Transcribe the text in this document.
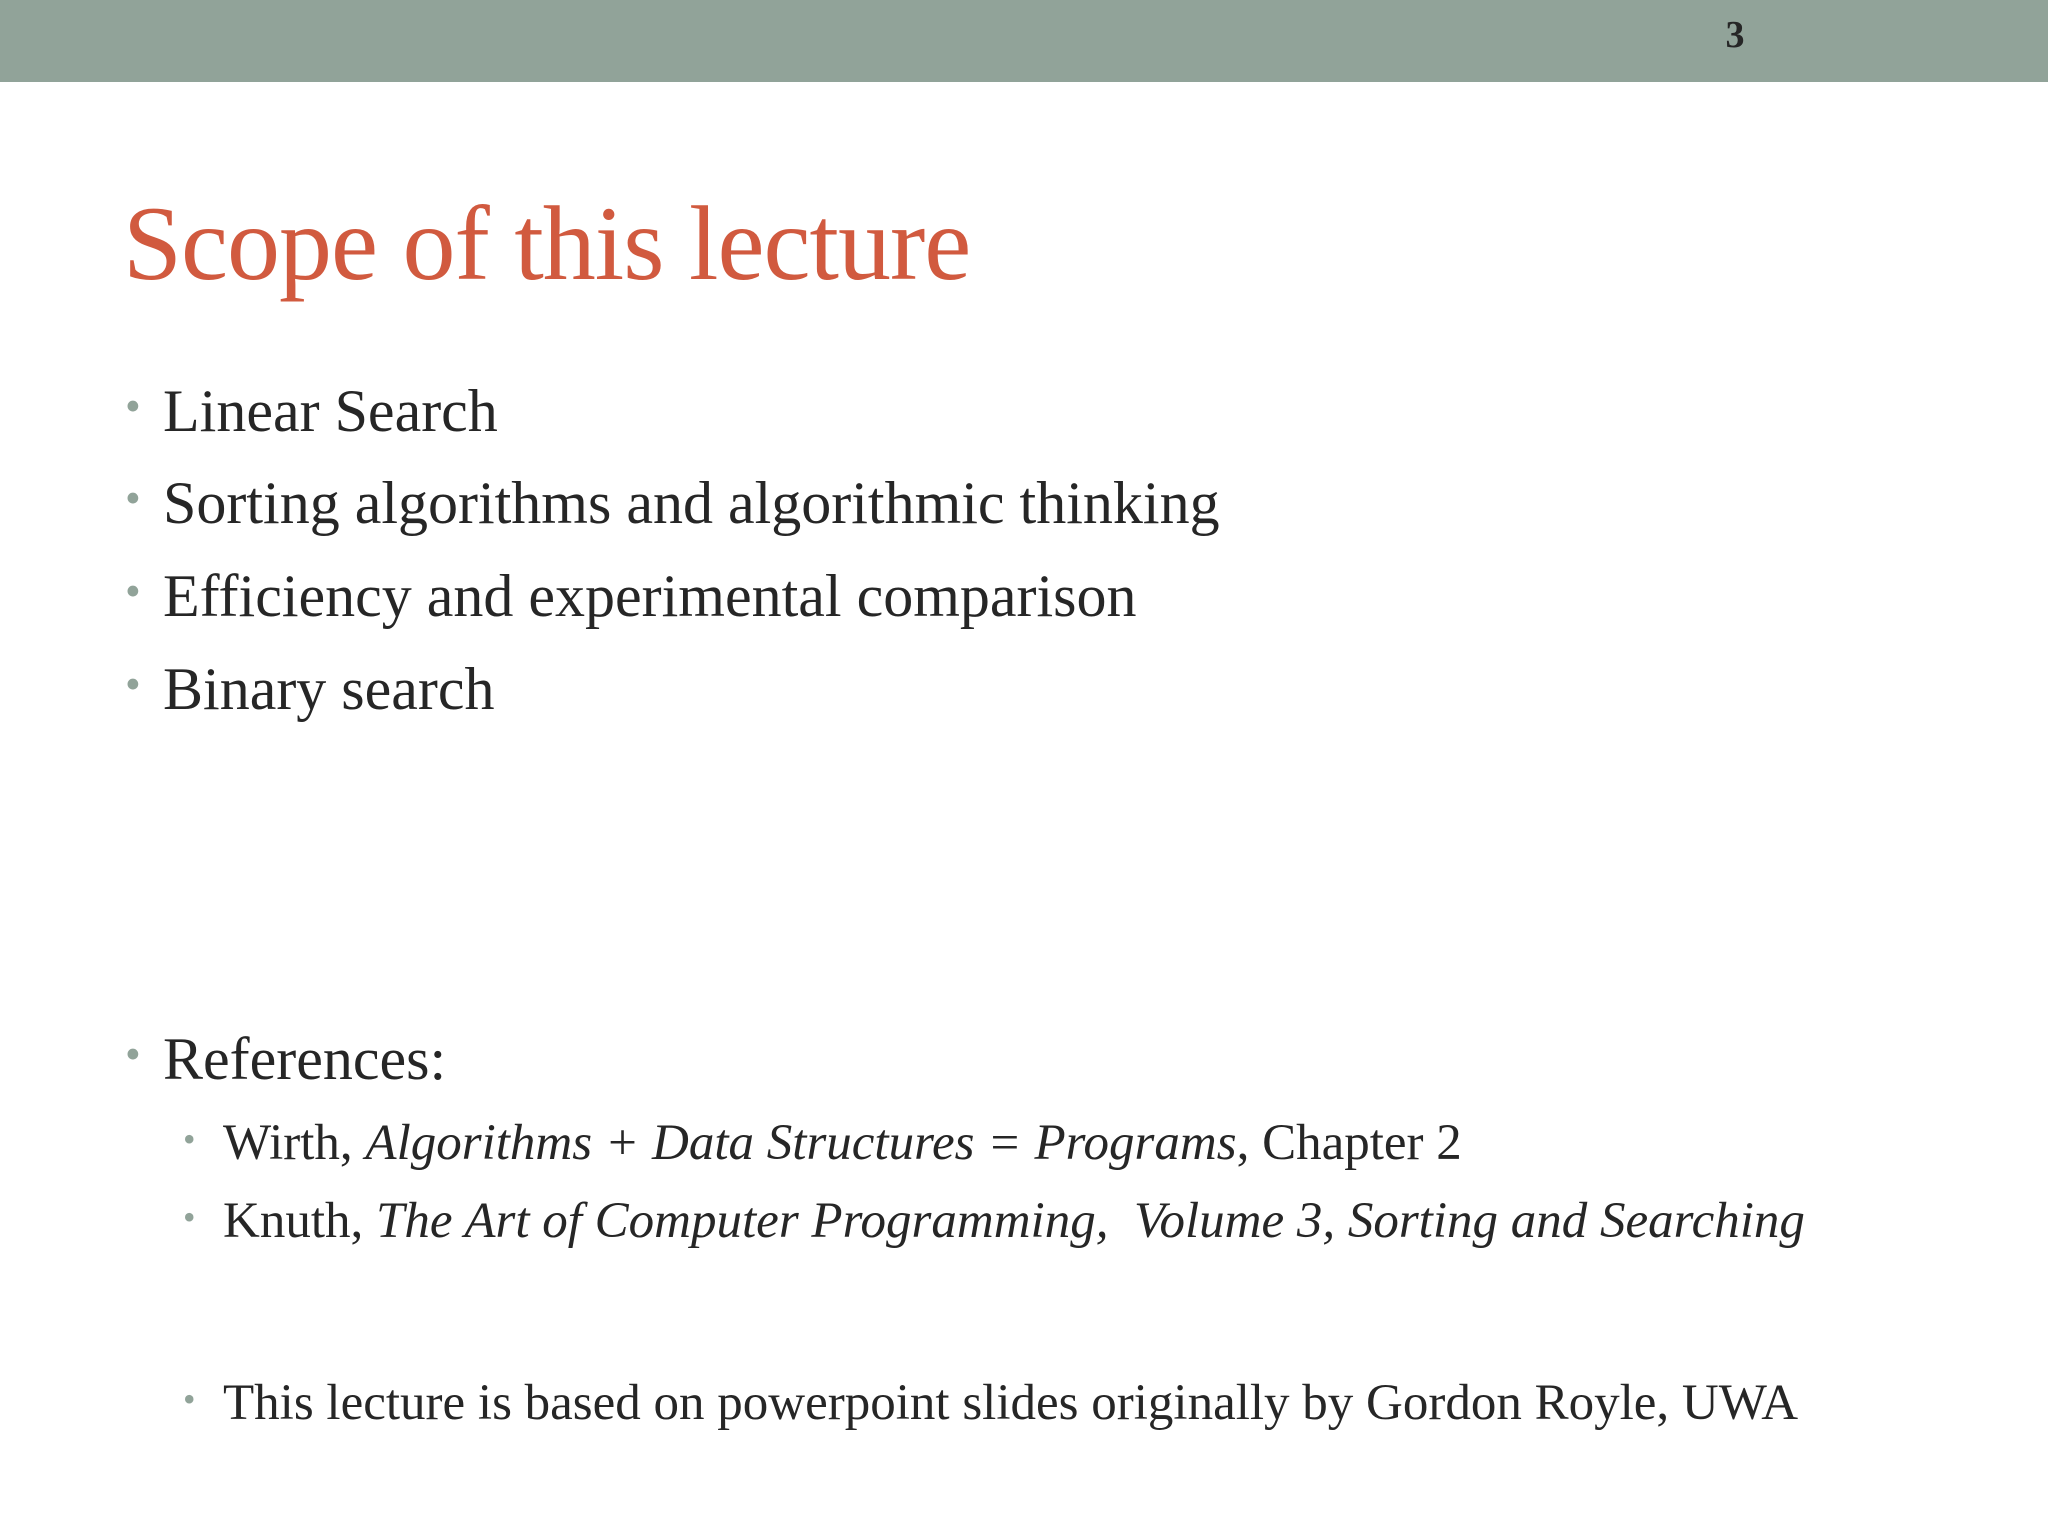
3
Scope of this lecture
• Linear Search
• Sorting algorithms and algorithmic thinking
• Efficiency and experimental comparison
• Binary search
• References:
• Wirth, Algorithms + Data Structures = Programs, Chapter 2
• Knuth, The Art of Computer Programming,  Volume 3, Sorting and Searching
• This lecture is based on powerpoint slides originally by Gordon Royle, UWA
